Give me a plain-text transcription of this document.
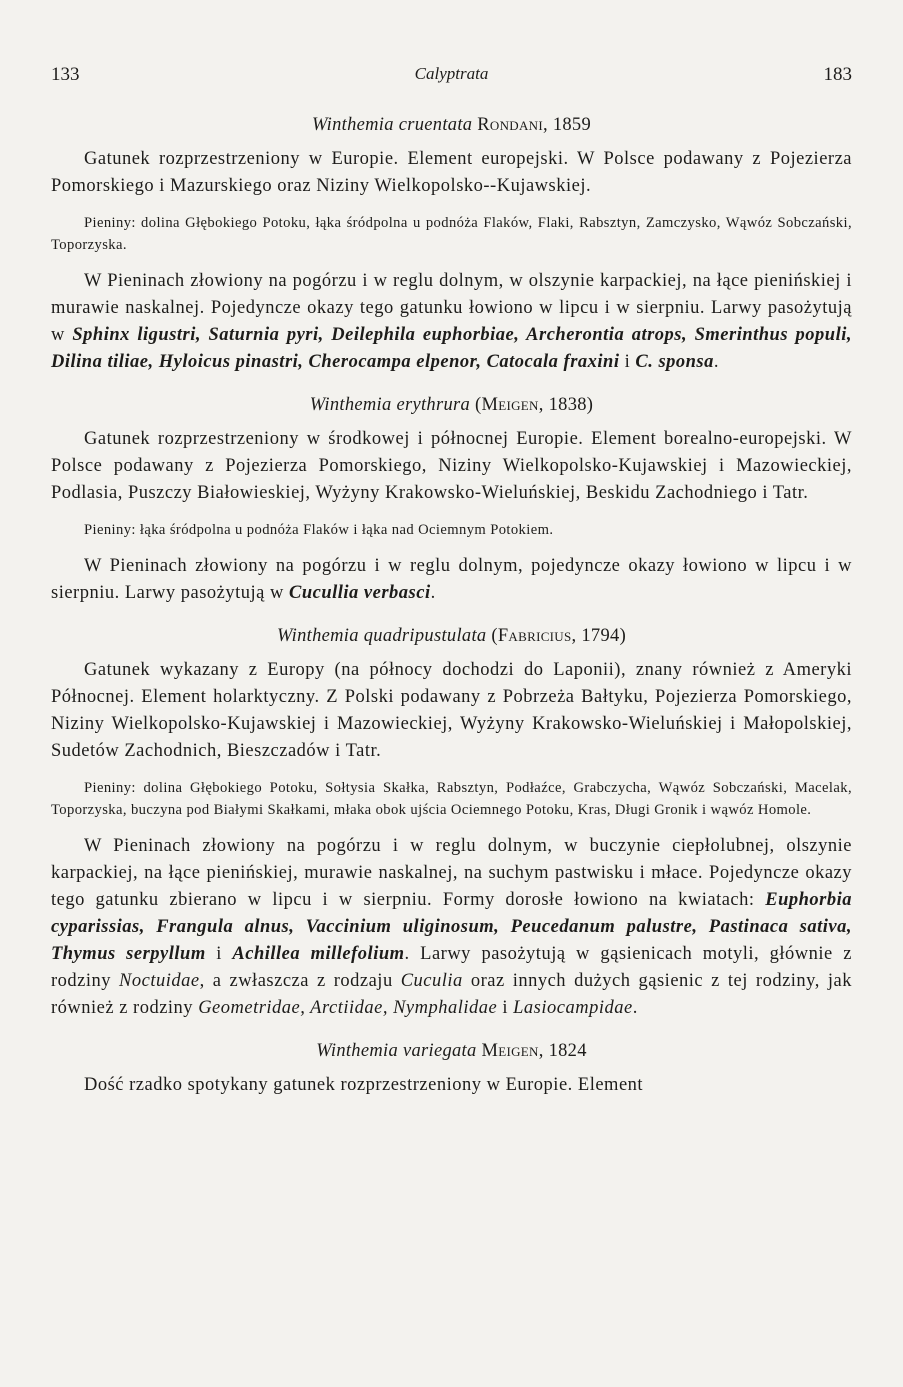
133	Calyptrata	183
Winthemia cruentata Rondani, 1859

Gatunek rozprzestrzeniony w Europie. Element europejski. W Polsce podawany z Pojezierza Pomorskiego i Mazurskiego oraz Niziny Wielkopolsko--Kujawskiej.

Pieniny: dolina Głębokiego Potoku, łąka śródpolna u podnóża Flaków, Flaki, Rabsztyn, Zamczysko, Wąwóz Sobczański, Toporzyska.

W Pieninach złowiony na pogórzu i w reglu dolnym, w olszynie karpackiej, na łące pienińskiej i murawie naskalnej. Pojedyncze okazy tego gatunku łowiono w lipcu i w sierpniu. Larwy pasożytują w Sphinx ligustri, Saturnia pyri, Deilephila euphorbiae, Archerontia atrops, Smerinthus populi, Dilina tiliae, Hyloicus pinastri, Cherocampa elpenor, Catocala fraxini i C. sponsa.

Winthemia erythrura (Meigen, 1838)

Gatunek rozprzestrzeniony w środkowej i północnej Europie. Element borealno-europejski. W Polsce podawany z Pojezierza Pomorskiego, Niziny Wielkopolsko-Kujawskiej i Mazowieckiej, Podlasia, Puszczy Białowieskiej, Wyżyny Krakowsko-Wieluńskiej, Beskidu Zachodniego i Tatr.

Pieniny: łąka śródpolna u podnóża Flaków i łąka nad Ociemnym Potokiem.

W Pieninach złowiony na pogórzu i w reglu dolnym, pojedyncze okazy łowiono w lipcu i w sierpniu. Larwy pasożytują w Cucullia verbasci.

Winthemia quadripustulata (Fabricius, 1794)

Gatunek wykazany z Europy (na północy dochodzi do Laponii), znany również z Ameryki Północnej. Element holarktyczny. Z Polski podawany z Pobrzeża Bałtyku, Pojezierza Pomorskiego, Niziny Wielkopolsko-Kujawskiej i Mazowieckiej, Wyżyny Krakowsko-Wieluńskiej i Małopolskiej, Sudetów Zachodnich, Bieszczadów i Tatr.

Pieniny: dolina Głębokiego Potoku, Sołtysia Skałka, Rabsztyn, Podłaźce, Grabczycha, Wąwóz Sobczański, Macelak, Toporzyska, buczyna pod Białymi Skałkami, młaka obok ujścia Ociemnego Potoku, Kras, Długi Gronik i wąwóz Homole.

W Pieninach złowiony na pogórzu i w reglu dolnym, w buczynie ciepłolubnej, olszynie karpackiej, na łące pienińskiej, murawie naskalnej, na suchym pastwisku i młace. Pojedyncze okazy tego gatunku zbierano w lipcu i w sierpniu. Formy dorosłe łowiono na kwiatach: Euphorbia cyparissias, Frangula alnus, Vaccinium uliginosum, Peucedanum palustre, Pastinaca sativa, Thymus serpyllum i Achillea millefolium. Larwy pasożytują w gąsienicach motyli, głównie z rodziny Noctuidae, a zwłaszcza z rodzaju Cuculia oraz innych dużych gąsienic z tej rodziny, jak również z rodziny Geometridae, Arctiidae, Nymphalidae i Lasiocampidae.

Winthemia variegata Meigen, 1824

Dość rzadko spotykany gatunek rozprzestrzeniony w Europie. Element
